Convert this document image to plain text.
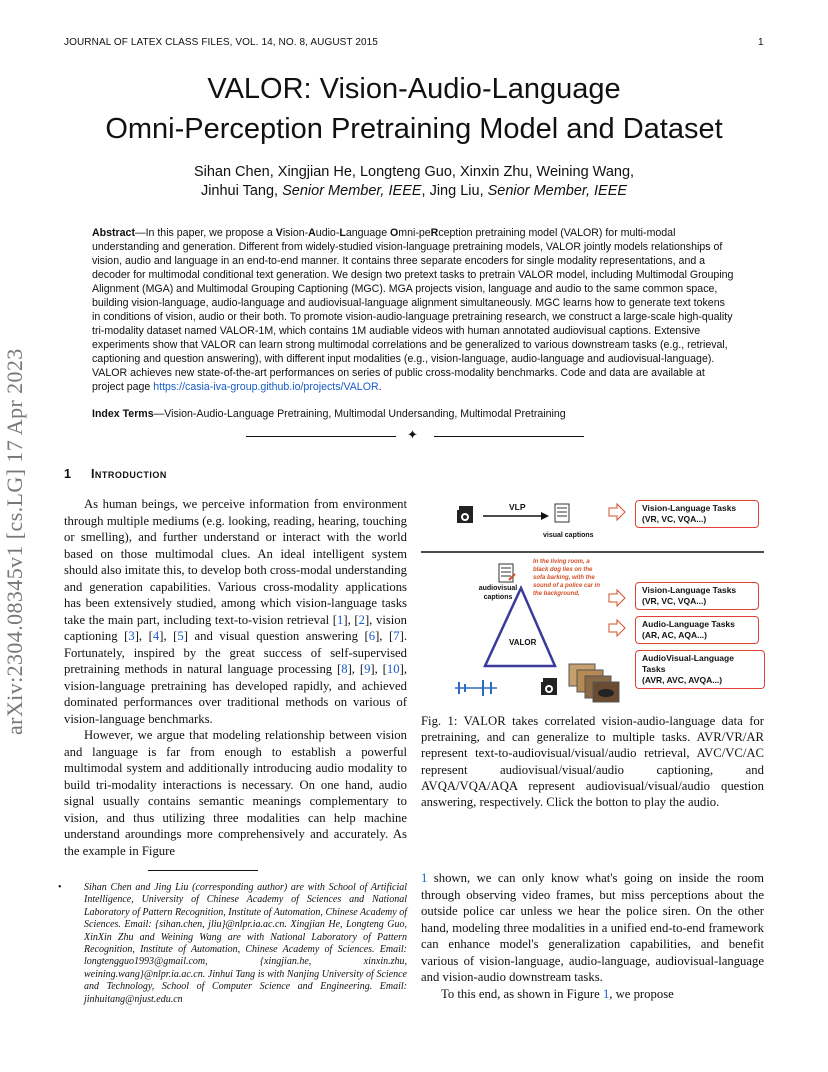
JOURNAL OF LATEX CLASS FILES, VOL. 14, NO. 8, AUGUST 2015	1
arXiv:2304.08345v1 [cs.LG] 17 Apr 2023
VALOR: Vision-Audio-Language
Omni-Perception Pretraining Model and Dataset
Sihan Chen, Xingjian He, Longteng Guo, Xinxin Zhu, Weining Wang,
Jinhui Tang, Senior Member, IEEE, Jing Liu, Senior Member, IEEE
Abstract—In this paper, we propose a Vision-Audio-Language Omni-peRception pretraining model (VALOR) for multi-modal understanding and generation. Different from widely-studied vision-language pretraining models, VALOR jointly models relationships of vision, audio and language in an end-to-end manner. It contains three separate encoders for single modality representations, and a decoder for multimodal conditional text generation. We design two pretext tasks to pretrain VALOR model, including Multimodal Grouping Alignment (MGA) and Multimodal Grouping Captioning (MGC). MGA projects vision, language and audio to the same common space, building vision-language, audio-language and audiovisual-language alignment simultaneously. MGC learns how to generate text tokens in conditions of vision, audio or their both. To promote vision-audio-language pretraining research, we construct a large-scale high-quality tri-modality dataset named VALOR-1M, which contains 1M audiable videos with human annotated audiovisual captions. Extensive experiments show that VALOR can learn strong multimodal correlations and be generalized to various downstream tasks (e.g., retrieval, captioning and question answering), with different input modalities (e.g., vision-language, audio-language and audiovisual-language). VALOR achieves new state-of-the-art performances on series of public cross-modality benchmarks. Code and data are available at project page https://casia-iva-group.github.io/projects/VALOR.
Index Terms—Vision-Audio-Language Pretraining, Multimodal Undersanding, Multimodal Pretraining
✦
1 Introduction

As human beings, we perceive information from environment through multiple mediums (e.g. looking, reading, hearing, touching or smelling), and further understand or interact with the world based on those multimodal clues. An ideal intelligent system should also imitate this, to develop both cross-modal understanding and generation capabilities. Various cross-modality applications has been extensively studied, among which vision-language tasks take the main part, including text-to-vision retrieval [1], [2], vision captioning [3], [4], [5] and visual question answering [6], [7]. Fortunately, inspired by the great success of self-supervised pretraining methods in natural language processing [8], [9], [10], vision-language pretraining has developed rapidly, and achieved dominated performances over traditional methods on various of vision-language benchmarks.

However, we argue that modeling relationship between vision and language is far from enough to establish a powerful multimodal system and additionally introducing audio modality to build tri-modality interactions is necessary. On one hand, audio signal usually contains semantic meanings complementary to vision, and thus utilizing three modalities can help machine understand aroundings more comprehensively and accurately. As the example in Figure

• Sihan Chen and Jing Liu (corresponding author) are with School of Artificial Intelligence, University of Chinese Academy of Sciences and National Laboratory of Pattern Recognition, Institute of Automation, Chinese Academy of Sciences. Email: {sihan.chen, jliu}@nlpr.ia.ac.cn. Xingjian He, Longteng Guo, XinXin Zhu and Weining Wang are with National Laboratory of Pattern Recognition, Institute of Automation, Chinese Academy of Sciences. Email: longtengguo1993@gmail.com, {xingjian.he, xinxin.zhu, weining.wang}@nlpr.ia.ac.cn. Jinhui Tang is with Nanjing University of Science and Technology, School of Computer Science and Engineering. Email: jinhuitang@njust.edu.cn
VLP
visual captions
audiovisual captions
In the living room, a black dog lies on the sofa barking, with the sound of a police car in the background.
VALOR
Vision-Language Tasks
(VR, VC, VQA...)
Vision-Language Tasks
(VR, VC, VQA...)
Audio-Language Tasks
(AR, AC, AQA...)
AudioVisual-Language Tasks
(AVR, AVC, AVQA...)
Fig. 1: VALOR takes correlated vision-audio-language data for pretraining, and can generalize to multiple tasks. AVR/VR/AR represent text-to-audiovisual/visual/audio retrieval, AVC/VC/AC represent audiovisual/visual/audio captioning, and AVQA/VQA/AQA represent audiovisual/visual/audio question answering, respectively. Click the botton to play the audio.

1 shown, we can only know what's going on inside the room through observing video frames, but miss perceptions about the outside police car unless we hear the police siren. On the other hand, modeling three modalities in a unified end-to-end framework can enhance model's generalization capabilities, and benefit various of vision-language, audio-language, audiovisual-language and vision-audio downstream tasks.

To this end, as shown in Figure 1, we propose
